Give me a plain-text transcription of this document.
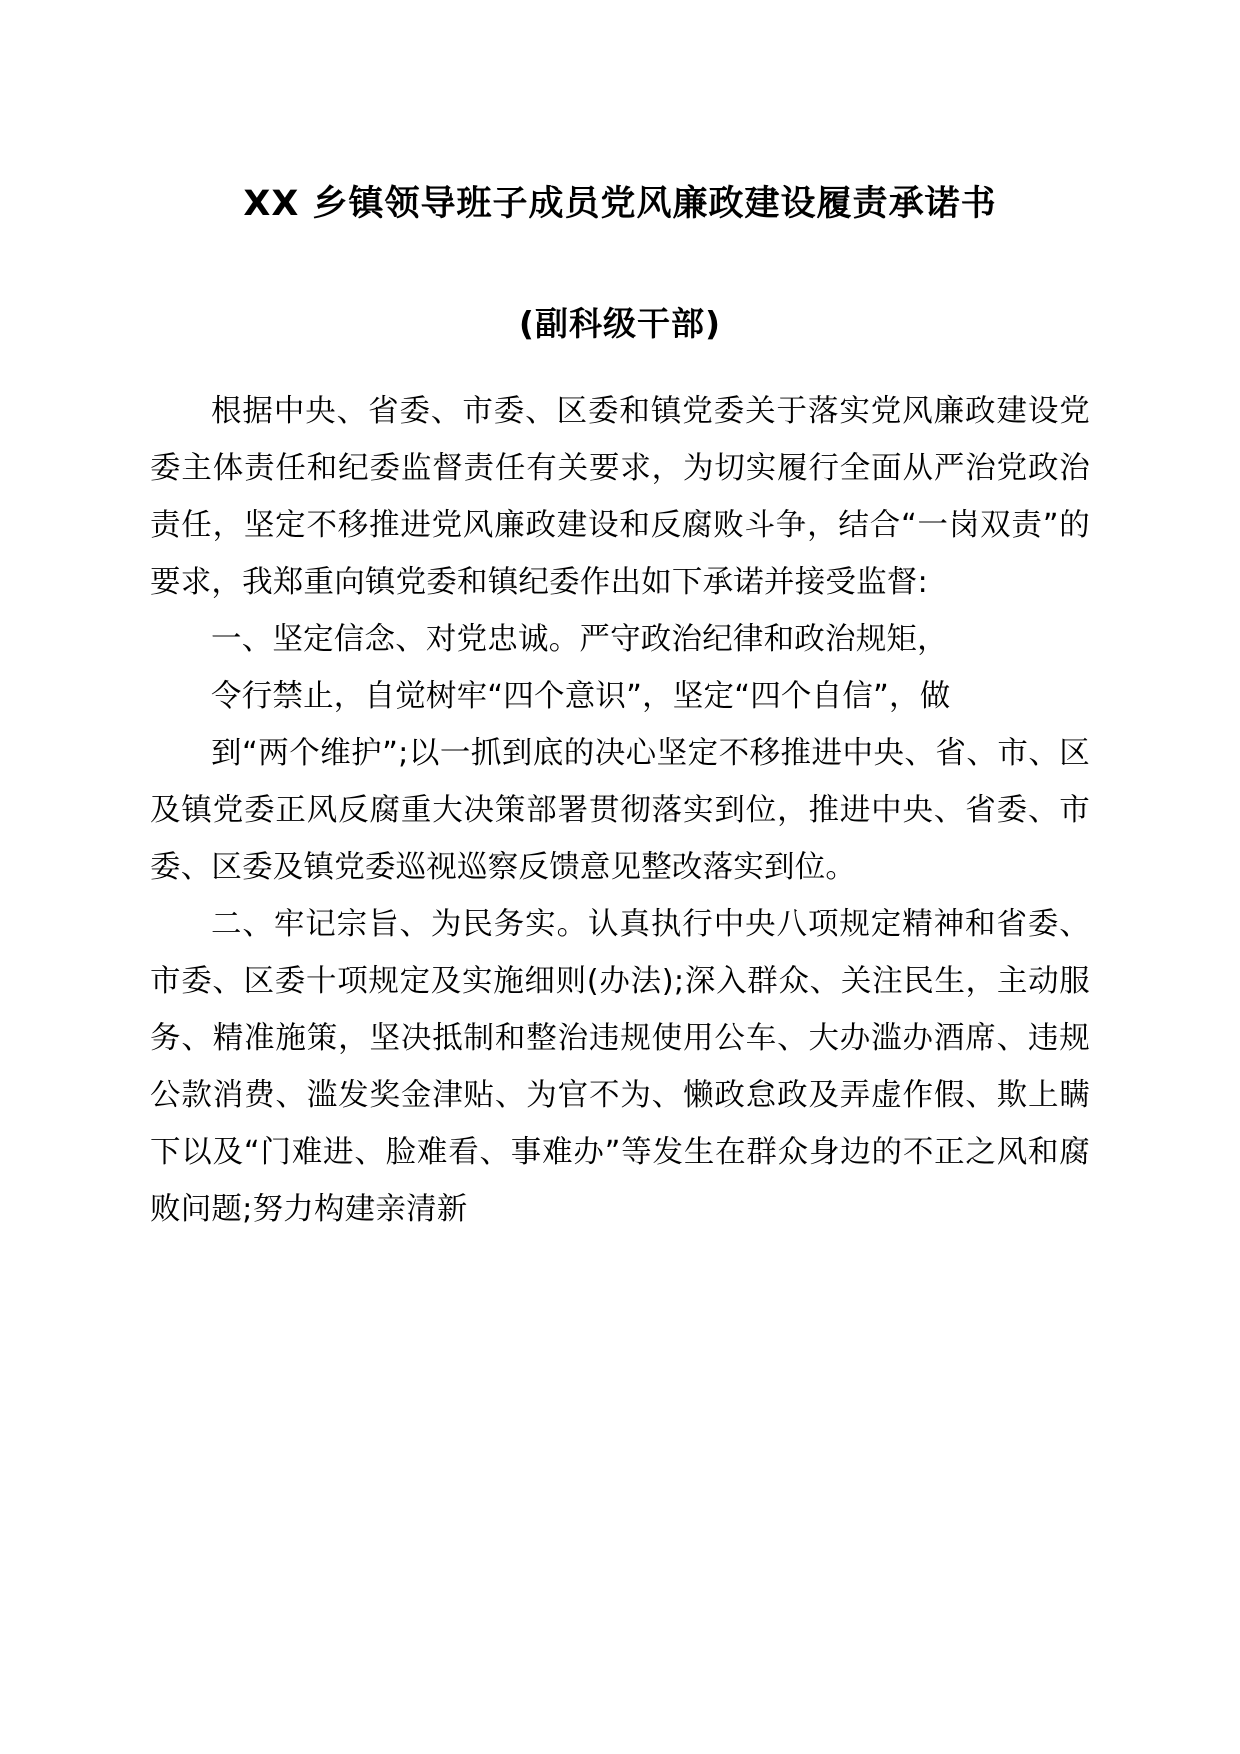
XX 乡镇领导班子成员党风廉政建设履责承诺书
(副科级干部)

根据中央、省委、市委、区委和镇党委关于落实党风廉政建设党委主体责任和纪委监督责任有关要求，为切实履行全面从严治党政治责任，坚定不移推进党风廉政建设和反腐败斗争，结合“一岗双责”的要求，我郑重向镇党委和镇纪委作出如下承诺并接受监督:

一、坚定信念、对党忠诚。严守政治纪律和政治规矩，

令行禁止，自觉树牢“四个意识”，坚定“四个自信”，做

到“两个维护”;以一抓到底的决心坚定不移推进中央、省、市、区及镇党委正风反腐重大决策部署贯彻落实到位，推进中央、省委、市委、区委及镇党委巡视巡察反馈意见整改落实到位。

二、牢记宗旨、为民务实。认真执行中央八项规定精神和省委、市委、区委十项规定及实施细则(办法);深入群众、关注民生，主动服务、精准施策，坚决抵制和整治违规使用公车、大办滥办酒席、违规公款消费、滥发奖金津贴、为官不为、懒政怠政及弄虚作假、欺上瞒下以及“门难进、脸难看、事难办”等发生在群众身边的不正之风和腐败问题;努力构建亲清新
